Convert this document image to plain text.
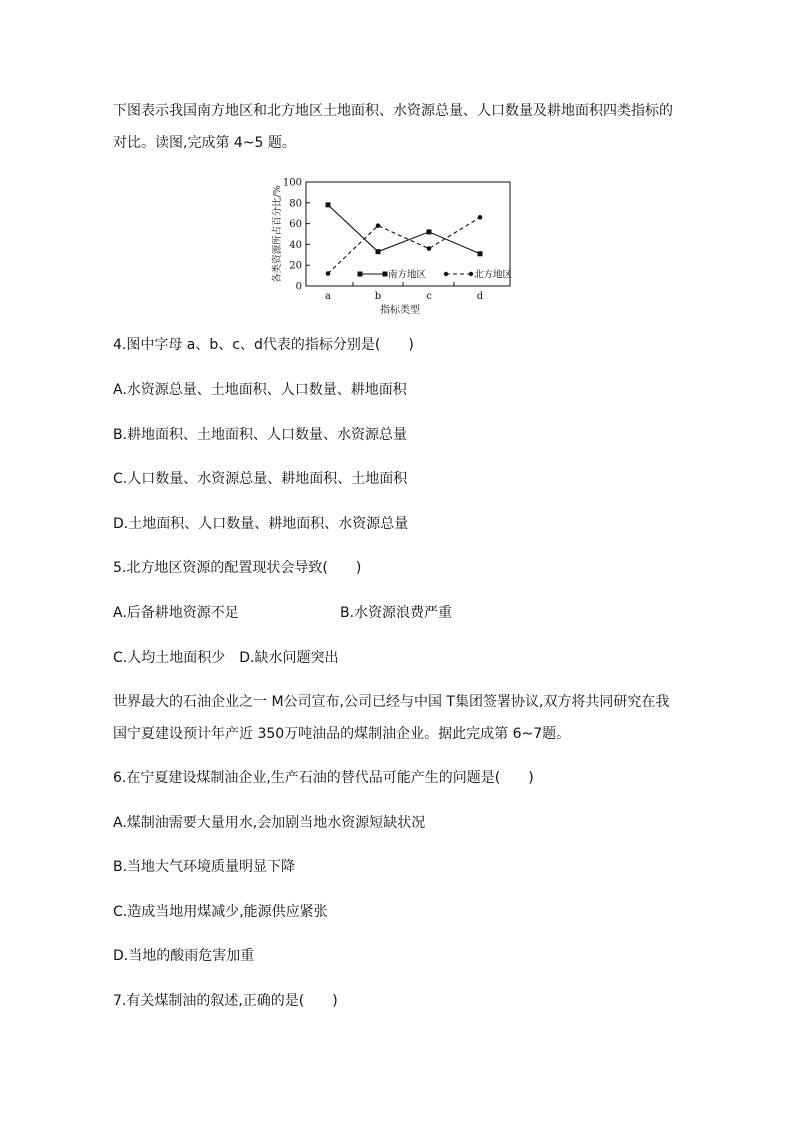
下图表示我国南方地区和北方地区土地面积、水资源总量、人口数量及耕地面积四类指标的

对比。读图,完成第 4~5 题。

0
20
40
60
80
100
a	b	c	d
南方地区	北方地区
各类资源所占百分比/%
指标类型

4.图中字母 a、b、c、d代表的指标分别是(　　)

A.水资源总量、土地面积、人口数量、耕地面积

B.耕地面积、土地面积、人口数量、水资源总量

C.人口数量、水资源总量、耕地面积、土地面积

D.土地面积、人口数量、耕地面积、水资源总量

5.北方地区资源的配置现状会导致(　　)

A.后备耕地资源不足	B.水资源浪费严重

C.人均土地面积少　D.缺水问题突出

世界最大的石油企业之一 M公司宣布,公司已经与中国 T集团签署协议,双方将共同研究在我

国宁夏建设预计年产近 350万吨油品的煤制油企业。据此完成第 6~7题。

6.在宁夏建设煤制油企业,生产石油的替代品可能产生的问题是(　　)

A.煤制油需要大量用水,会加剧当地水资源短缺状况

B.当地大气环境质量明显下降

C.造成当地用煤减少,能源供应紧张

D.当地的酸雨危害加重

7.有关煤制油的叙述,正确的是(　　)
